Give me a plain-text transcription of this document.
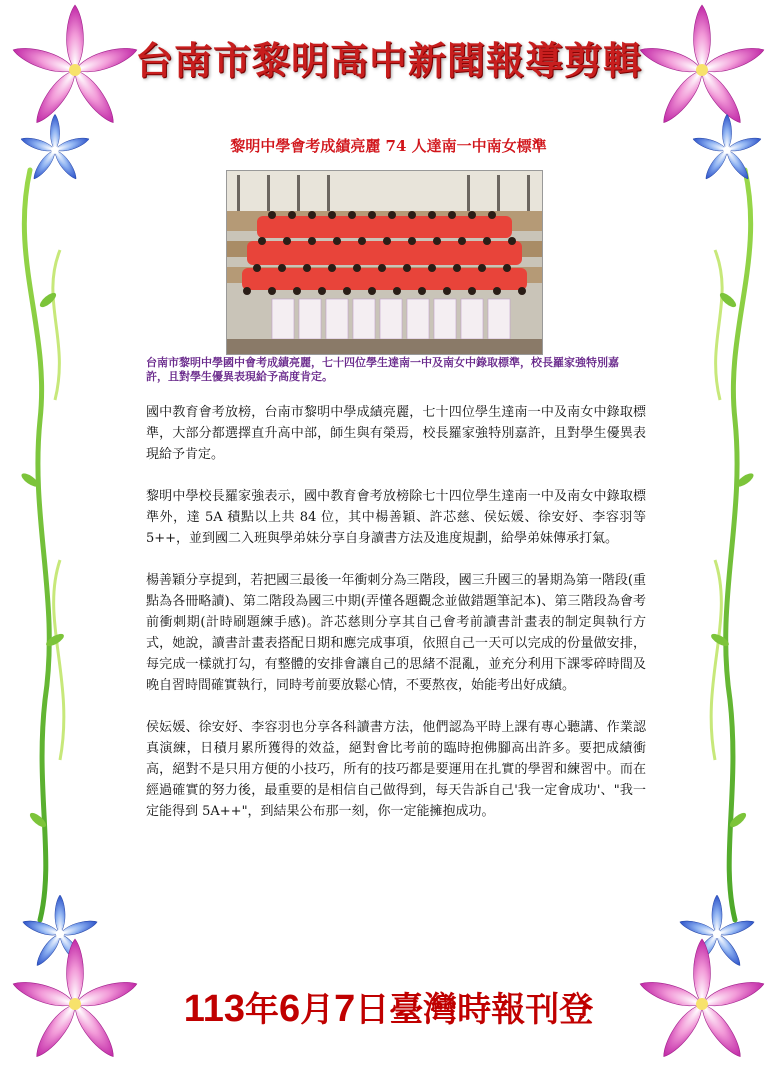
台南市黎明高中新聞報導剪輯
黎明中學會考成績亮麗 74 人達南一中南女標準
台南市黎明中學國中會考成績亮麗，七十四位學生達南一中及南女中錄取標準，校長羅家強特別嘉許，且對學生優異表現給予高度肯定。

國中教育會考放榜，台南市黎明中學成績亮麗，七十四位學生達南一中及南女中錄取標準，大部分都選擇直升高中部，師生與有榮焉，校長羅家強特別嘉許，且對學生優異表現給予肯定。

黎明中學校長羅家強表示，國中教育會考放榜除七十四位學生達南一中及南女中錄取標準外，達 5A 積點以上共 84 位，其中楊善穎、許芯慈、侯妘媛、徐安妤、李容羽等 5++，並到國二入班與學弟妹分享自身讀書方法及進度規劃，給學弟妹傳承打氣。

楊善穎分享提到，若把國三最後一年衝刺分為三階段，國三升國三的暑期為第一階段(重點為各冊略讀)、第二階段為國三中期(弄懂各題觀念並做錯題筆記本)、第三階段為會考前衝刺期(計時刷題練手感)。許芯慈則分享其自己會考前讀書計畫表的制定與執行方式，她說，讀書計畫表搭配日期和應完成事項，依照自己一天可以完成的份量做安排，每完成一樣就打勾，有整體的安排會讓自己的思緒不混亂，並充分利用下課零碎時間及晚自習時間確實執行，同時考前要放鬆心情，不要熬夜，始能考出好成績。

侯妘媛、徐安妤、李容羽也分享各科讀書方法，他們認為平時上課有專心聽講、作業認真演練，日積月累所獲得的效益，絕對會比考前的臨時抱佛腳高出許多。要把成績衝高，絕對不是只用方便的小技巧，所有的技巧都是要運用在扎實的學習和練習中。而在經過確實的努力後，最重要的是相信自己做得到，每天告訴自己'我一定會成功'、"我一定能得到 5A++"，到結果公布那一刻，你一定能擁抱成功。

113年6月7日臺灣時報刊登
